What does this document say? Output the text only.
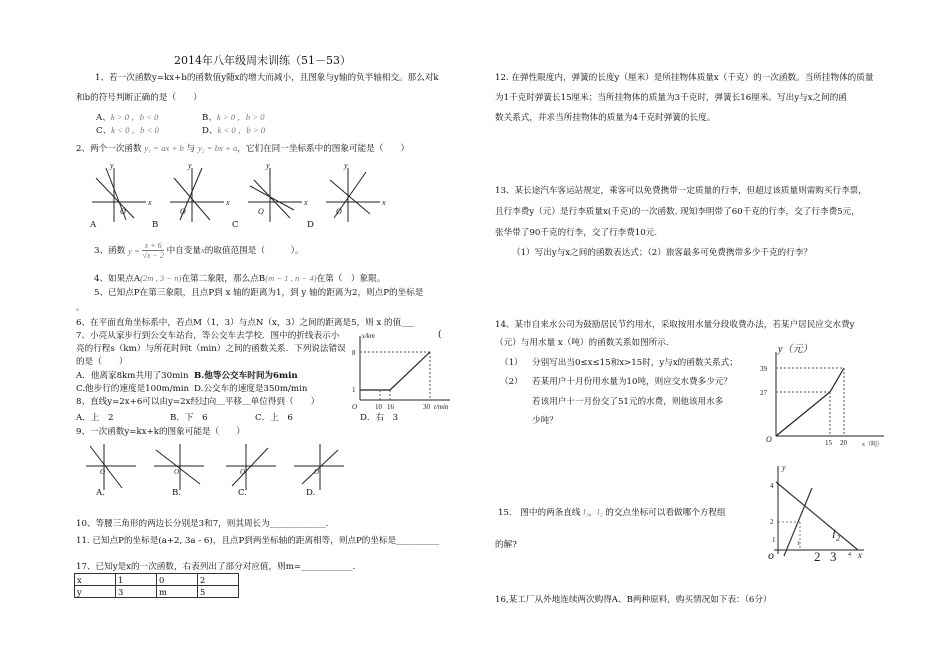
2014年八年级周末训练（51－53）
1、若一次函数y=kx+b的函数值y随x的增大而减小，且图象与y轴的负半轴相交。那么对k
和b的符号判断正确的是（　　）
A、k > 0 ，b < 0	B、k > 0 ，b > 0
C、k < 0 ，b < 0	D、k < 0 ，b > 0
2、两个一次函数 y₁ = ax + b 与 y₂ = bx + a，它们在同一坐标系中的图象可能是（　　）
y
x
O
y
x
O
y
x
O
y
x
O
A	B	C	D
3、函数 $y = \frac{x + 6}{√x - 2}$ 中自变量x的取值范围是（　　　）。
4、如果点A(2m , 3 − n)在第二象限，那么点B(m − 1 , n − 4)在第（　）象限。
5、已知点P在第三象限，且点P到 x 轴的距离为1，到 y 轴的距离为2，则点P的坐标是
。
6、在平面直角坐标系中，若点M（1，3）与点N（x，3）之间的距离是5，则 x 的值___
7、小亮从家步行到公交车站台，等公交车去学校．图中的折线表示小
亮的行程s（km）与所花时间t（min）之间的函数关系．下列说法错误
的是（　　）
A．他离家8km共用了30min B.他等公交车时间为6min
C.他步行的速度是100m/min D.公交车的速度是350m/min
(
s/km
8
1
O	10 16	30 t/min
8、直线y=2x+6可以由y=2x经过向＿平移＿单位得到（　　）
A．上　2	B．下　6	C．上　6	D．右　3
9、一次函数y=kx+k的图象可能是（　　）
O	O	O	O
A.	B.	C.	D.
10、等腰三角形的两边长分别是3和7，则其周长为_____________.
11. 已知点P的坐标是(a+2, 3a - 6)，且点P到两坐标轴的距离相等，则点P的坐标是__________
17、已知y是x的一次函数，右表列出了部分对应值，则m=____________.
x	1	0	2
y	3	m	5
12. 在弹性限度内，弹簧的长度y（厘米）是所挂物体质量x（千克）的一次函数。当所挂物体的质量
为1千克时弹簧长15厘米；当所挂物体的质量为3千克时，弹簧长16厘米。写出y与x之间的函
数关系式，并求当所挂物体的质量为4千克时弹簧的长度。
13、某长途汽车客运站规定，乘客可以免费携带一定质量的行李，但超过该质量则需购买行李票，
且行李费y（元）是行李质量x(千克)的一次函数. 现知李明带了60千克的行李，交了行李费5元，
张华带了90千克的行李，交了行李费10元.
（1）写出y与x之间的函数表达式；（2）旅客最多可免费携带多少千克的行李？
14、某市自来水公司为鼓励居民节约用水，采取按用水量分段收费办法，若某户居民应交水费y
（元）与用水量 x（吨）的函数关系如图所示.
（1） 分别写出当0≤x≤15和x>15时，y与x的函数关系式；
（2） 若某用户十月份用水量为10吨，则应交水费多少元？
若该用户十一月份交了51元的水费，则他该用水多
少吨？
y（元）
39
27
O	15 20	x（吨）
15.　图中的两条直线 l₁，l₂ 的交点坐标可以看做哪个方程组
的解?
y
4
2
1
o
1
2 3 4 x
l₂
16,某工厂从外地连续两次购得A、B两种原料，购买情况如下表：（6分）
